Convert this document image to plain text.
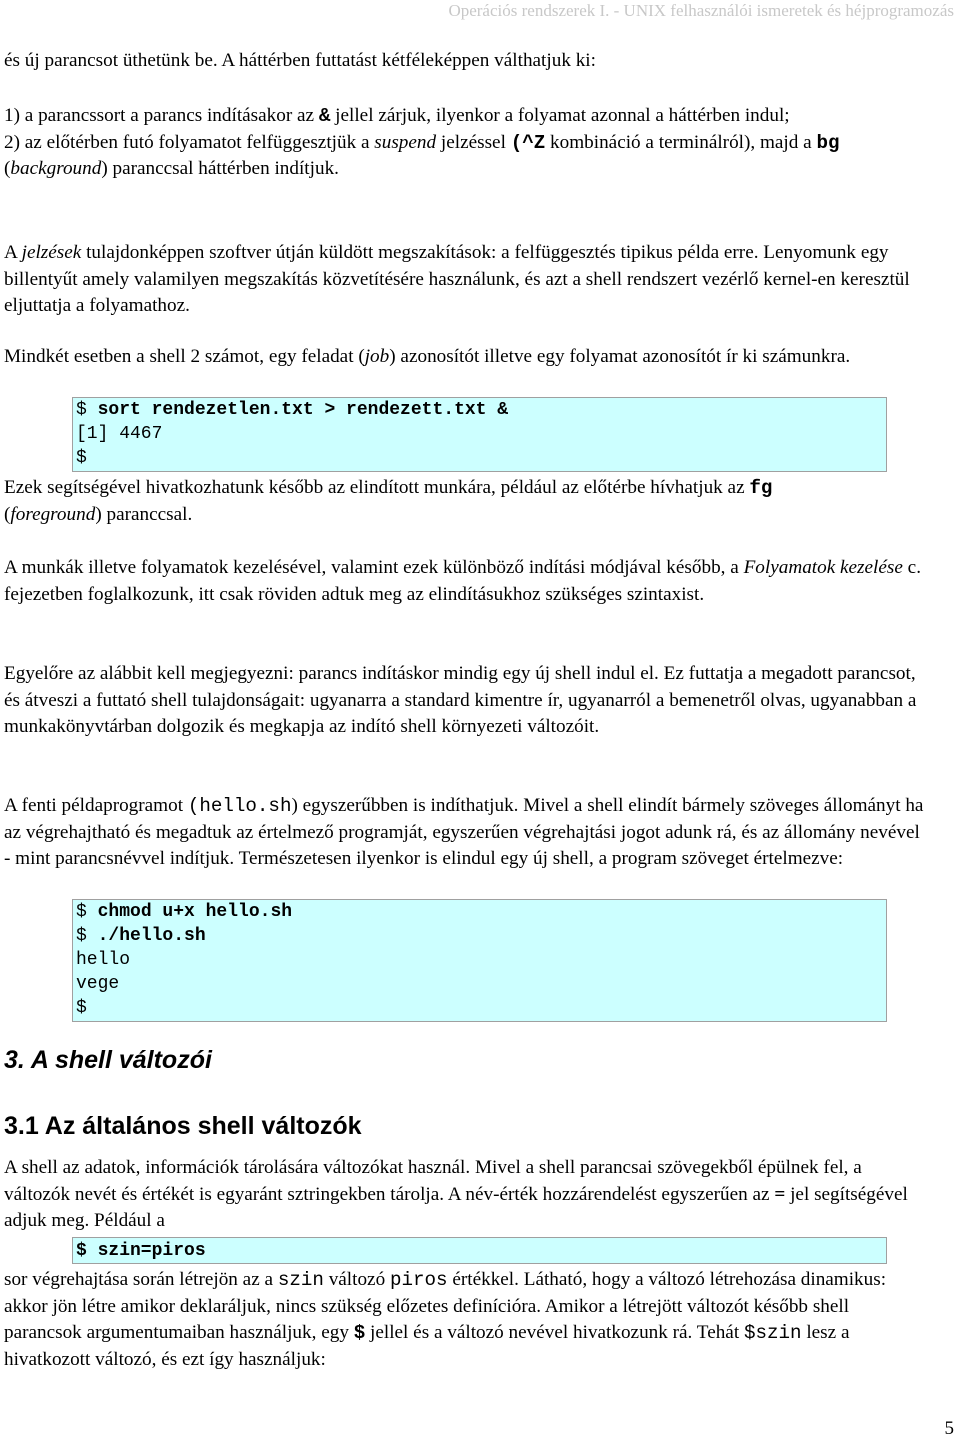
Operációs rendszerek I. - UNIX felhasználói ismeretek és héjprogramozás
és új parancsot üthetünk be. A háttérben futtatást kétféleképpen válthatjuk ki:
1) a parancssort a parancs indításakor az & jellel zárjuk, ilyenkor a folyamat azonnal a háttérben indul;
2) az előtérben futó folyamatot felfüggesztjük a suspend jelzéssel (^Z kombináció a terminálról), majd a bg (background) paranccsal háttérben indítjuk.
A jelzések tulajdonképpen szoftver útján küldött megszakítások: a felfüggesztés tipikus példa erre. Lenyomunk egy billentyűt amely valamilyen megszakítás közvetítésére használunk, és azt a shell rendszert vezérlő kernel-en keresztül eljuttatja a folyamathoz.
Mindkét esetben a shell 2 számot, egy feladat (job) azonosítót illetve egy folyamat azonosítót ír ki számunkra.
$ sort rendezetlen.txt > rendezett.txt &
[1] 4467
$
Ezek segítségével hivatkozhatunk később az elindított munkára, például az előtérbe hívhatjuk az fg
(foreground) paranccsal.
A munkák illetve folyamatok kezelésével, valamint ezek különböző indítási módjával később, a Folyamatok kezelése c. fejezetben foglalkozunk, itt csak röviden adtuk meg az elindításukhoz szükséges szintaxist.
Egyelőre az alábbit kell megjegyezni: parancs indításkor mindig egy új shell indul el. Ez futtatja a megadott parancsot, és átveszi a futtató shell tulajdonságait: ugyanarra a standard kimentre ír, ugyanarról a bemenetről olvas, ugyanabban a munkakönyvtárban dolgozik és megkapja az indító shell környezeti változóit.
A fenti példaprogramot (hello.sh) egyszerűbben is indíthatjuk. Mivel a shell elindít bármely szöveges állományt ha az végrehajtható és megadtuk az értelmező programját, egyszerűen végrehajtási jogot adunk rá, és az állomány nevével - mint parancsnévvel indítjuk. Természetesen ilyenkor is elindul egy új shell, a program szöveget értelmezve:
$ chmod u+x hello.sh
$ ./hello.sh
hello
vege
$
3. A shell változói
3.1 Az általános shell változók
A shell az adatok, információk tárolására változókat használ. Mivel a shell parancsai szövegekből épülnek fel, a változók nevét és értékét is egyaránt sztringekben tárolja. A név-érték hozzárendelést egyszerűen az = jel segítségével adjuk meg. Például a
$ szin=piros
sor végrehajtása során létrejön az a szin változó piros értékkel. Látható, hogy a változó létrehozása dinamikus: akkor jön létre amikor deklaráljuk, nincs szükség előzetes definícióra. Amikor a létrejött változót később shell parancsok argumentumaiban használjuk, egy $ jellel és a változó nevével hivatkozunk rá. Tehát $szin lesz a hivatkozott változó, és ezt így használjuk:
5
